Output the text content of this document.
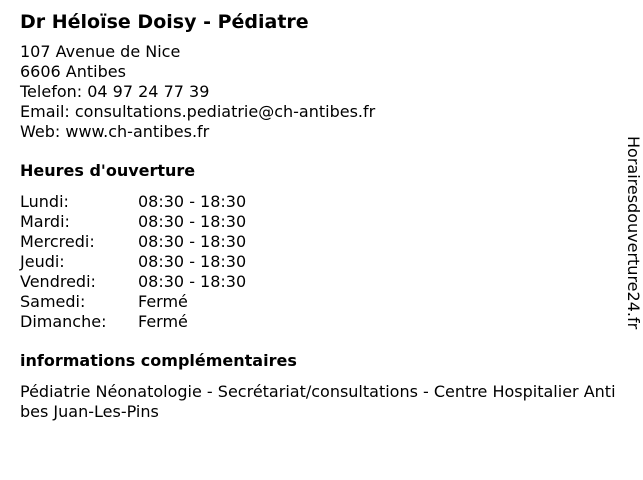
Dr Héloïse Doisy - Pédiatre
107 Avenue de Nice
6606 Antibes
Telefon: 04 97 24 77 39
Email: consultations.pediatrie@ch-antibes.fr
Web: www.ch-antibes.fr
Heures d'ouverture
Lundi:	08:30 - 18:30
Mardi:	08:30 - 18:30
Mercredi:	08:30 - 18:30
Jeudi:	08:30 - 18:30
Vendredi:	08:30 - 18:30
Samedi:	Fermé
Dimanche:	Fermé
informations complémentaires
Pédiatrie Néonatologie - Secrétariat/consultations - Centre Hospitalier Antibes Juan-Les-Pins
Horairesdouverture24.fr
